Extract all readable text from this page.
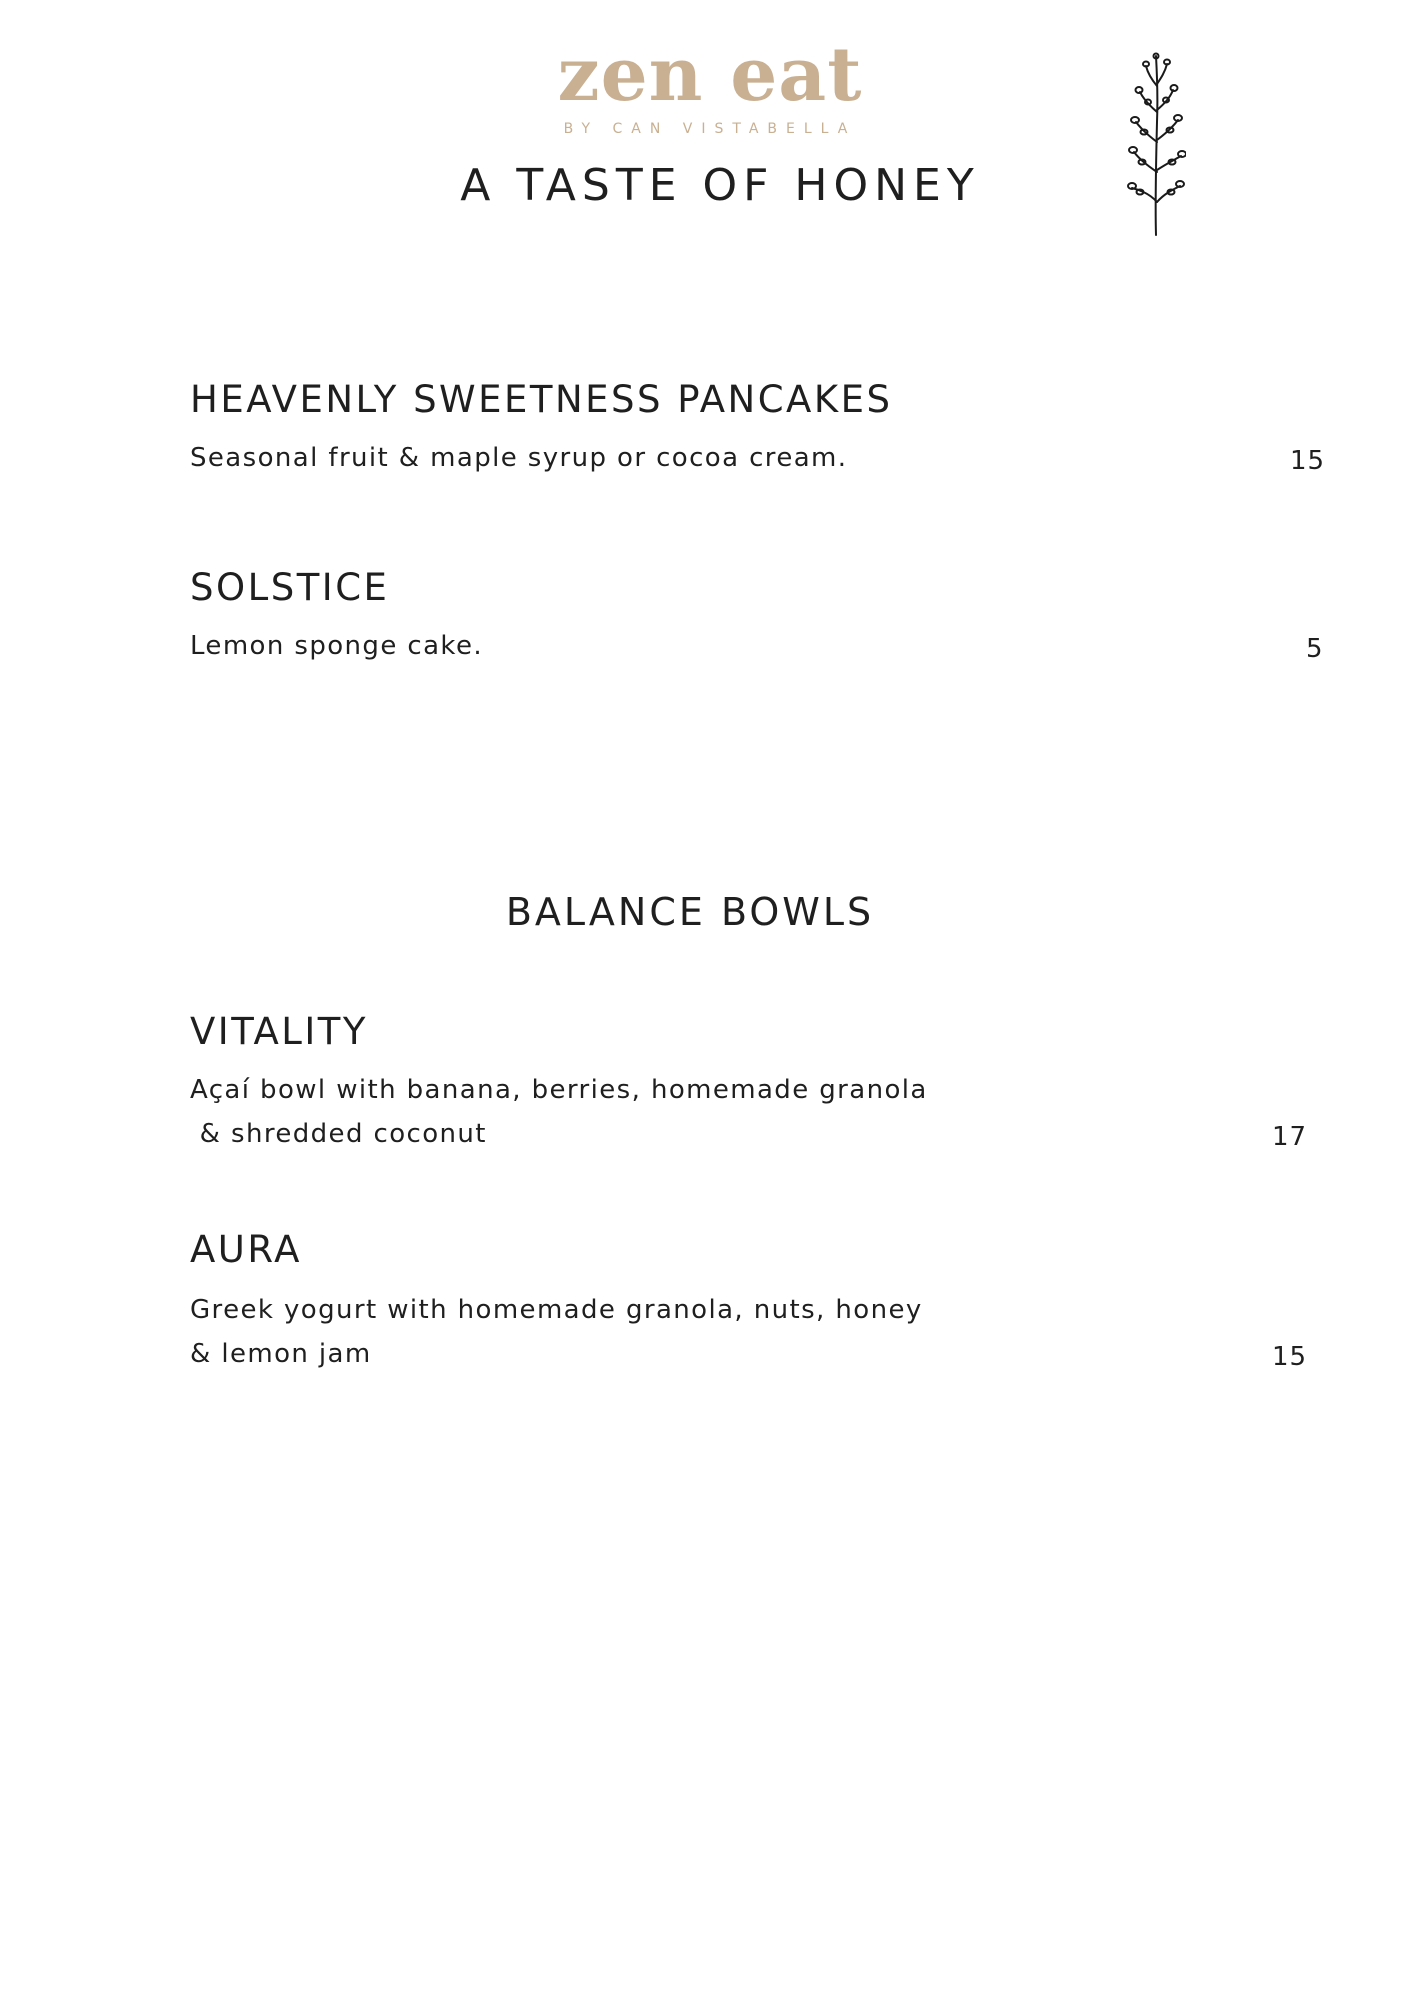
zen eat
BY CAN VISTABELLA
A TASTE OF HONEY
HEAVENLY SWEETNESS PANCAKES
Seasonal fruit & maple syrup or cocoa cream.	15
SOLSTICE
Lemon sponge cake.	5
BALANCE BOWLS
VITALITY
Açaí bowl with banana, berries, homemade granola
& shredded coconut	17
AURA
Greek yogurt with homemade granola, nuts, honey
& lemon jam	15
